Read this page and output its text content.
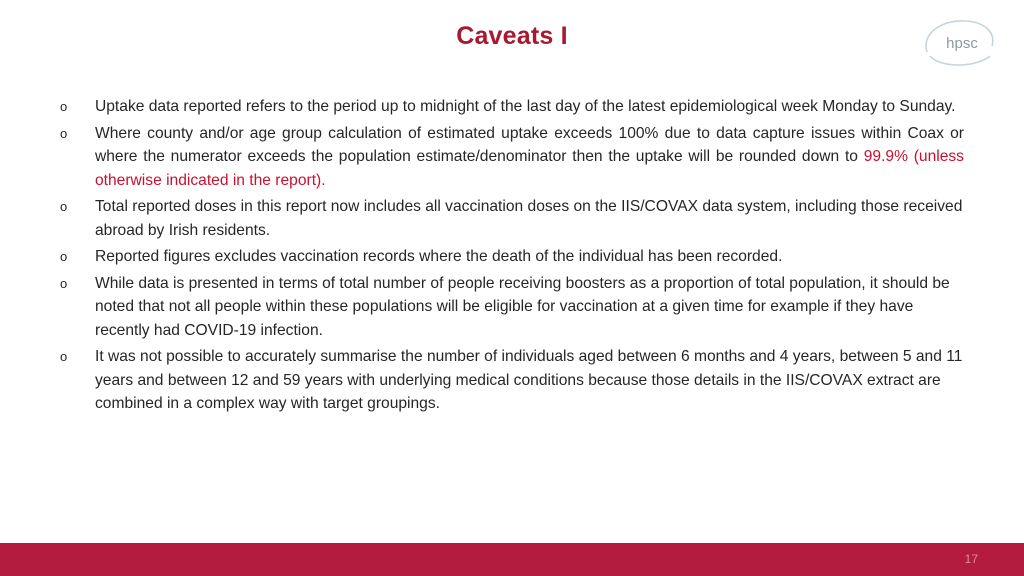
Caveats I	hpsc
o Uptake data reported refers to the period up to midnight of the last day of the latest epidemiological week Monday to Sunday.
o Where county and/or age group calculation of estimated uptake exceeds 100% due to data capture issues within Coax or where the numerator exceeds the population estimate/denominator then the uptake will be rounded down to 99.9% (unless otherwise indicated in the report).
o Total reported doses in this report now includes all vaccination doses on the IIS/COVAX data system, including those received abroad by Irish residents.
o Reported figures excludes vaccination records where the death of the individual has been recorded.
o While data is presented in terms of total number of people receiving boosters as a proportion of total population, it should be noted that not all people within these populations will be eligible for vaccination at a given time for example if they have recently had COVID-19 infection.
o It was not possible to accurately summarise the number of individuals aged between 6 months and 4 years, between 5 and 11 years and between 12 and 59 years with underlying medical conditions because those details in the IIS/COVAX extract are combined in a complex way with target groupings.
17
